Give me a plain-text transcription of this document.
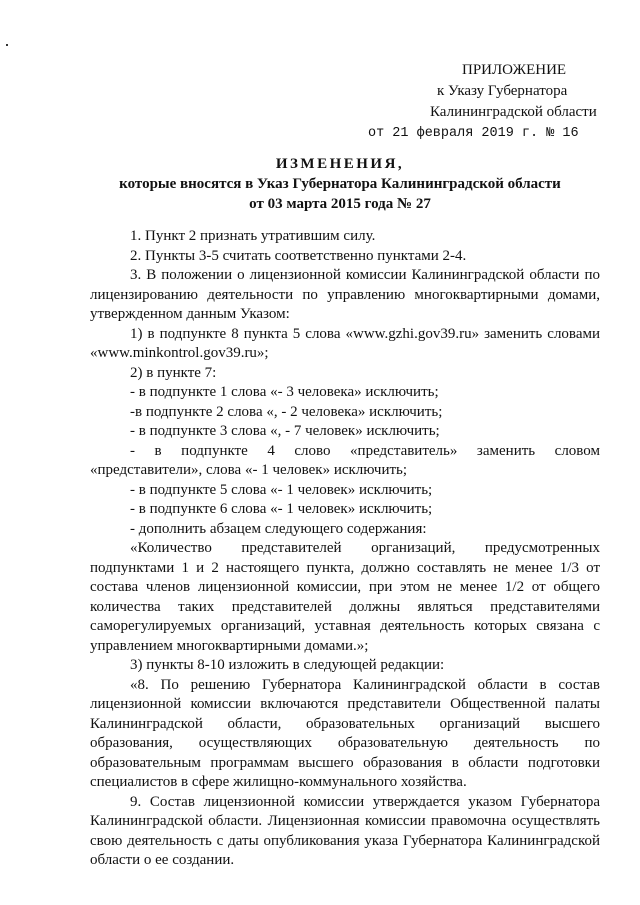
ПРИЛОЖЕНИЕ
к Указу Губернатора
Калининградской области
от 21 февраля 2019 г. № 16
ИЗМЕНЕНИЯ,
которые вносятся в Указ Губернатора Калининградской области
от 03 марта 2015 года № 27

1. Пункт 2 признать утратившим силу.

2. Пункты 3-5 считать соответственно пунктами 2-4.

3. В положении о лицензионной комиссии Калининградской области по лицензированию деятельности по управлению многоквартирными домами, утвержденном данным Указом:

1) в подпункте 8 пункта 5 слова «www.gzhi.gov39.ru» заменить словами «www.minkontrol.gov39.ru»;

2) в пункте 7:

- в подпункте 1 слова «- 3 человека» исключить;

-в подпункте 2 слова «, - 2 человека» исключить;

- в подпункте 3 слова «, - 7 человек» исключить;

- в подпункте 4 слово «представитель» заменить словом «представители», слова «- 1 человек» исключить;

- в подпункте 5 слова «- 1 человек» исключить;

- в подпункте 6 слова «- 1 человек» исключить;

- дополнить абзацем следующего содержания:

«Количество представителей организаций, предусмотренных подпунктами 1 и 2 настоящего пункта, должно составлять не менее 1/3 от состава членов лицензионной комиссии, при этом не менее 1/2 от общего количества таких представителей должны являться представителями саморегулируемых организаций, уставная деятельность которых связана с управлением многоквартирными домами.»;

3) пункты 8-10 изложить в следующей редакции:

«8. По решению Губернатора Калининградской области в состав лицензионной комиссии включаются представители Общественной палаты Калининградской области, образовательных организаций высшего образования, осуществляющих образовательную деятельность по образовательным программам высшего образования в области подготовки специалистов в сфере жилищно-коммунального хозяйства.

9. Состав лицензионной комиссии утверждается указом Губернатора Калининградской области. Лицензионная комиссии правомочна осуществлять свою деятельность с даты опубликования указа Губернатора Калининградской области о ее создании.
